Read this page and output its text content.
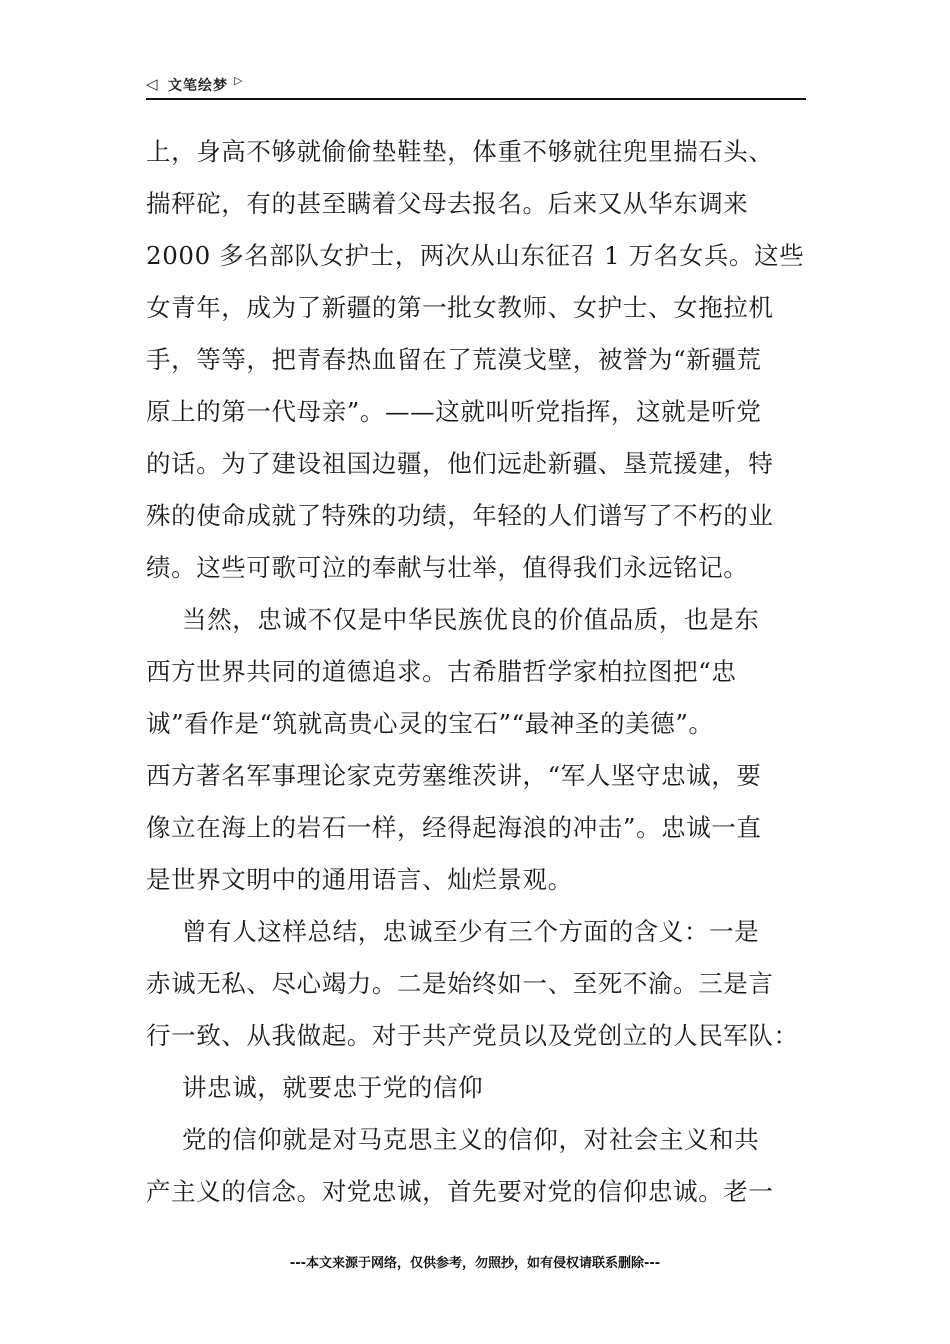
◁ 文笔绘梦 ▷
上，身高不够就偷偷垫鞋垫，体重不够就往兜里揣石头、
揣秤砣，有的甚至瞒着父母去报名。后来又从华东调来
2000 多名部队女护士，两次从山东征召 1 万名女兵。这些
女青年，成为了新疆的第一批女教师、女护士、女拖拉机
手，等等，把青春热血留在了荒漠戈壁，被誉为“新疆荒
原上的第一代母亲”。——这就叫听党指挥，这就是听党
的话。为了建设祖国边疆，他们远赴新疆、垦荒援建，特
殊的使命成就了特殊的功绩，年轻的人们谱写了不朽的业
绩。这些可歌可泣的奉献与壮举，值得我们永远铭记。
当然，忠诚不仅是中华民族优良的价值品质，也是东
西方世界共同的道德追求。古希腊哲学家柏拉图把“忠
诚”看作是“筑就高贵心灵的宝石”“最神圣的美德”。
西方著名军事理论家克劳塞维茨讲，“军人坚守忠诚，要
像立在海上的岩石一样，经得起海浪的冲击”。忠诚一直
是世界文明中的通用语言、灿烂景观。
曾有人这样总结，忠诚至少有三个方面的含义：一是
赤诚无私、尽心竭力。二是始终如一、至死不渝。三是言
行一致、从我做起。对于共产党员以及党创立的人民军队：
讲忠诚，就要忠于党的信仰
党的信仰就是对马克思主义的信仰，对社会主义和共
产主义的信念。对党忠诚，首先要对党的信仰忠诚。老一
---本文来源于网络，仅供参考，勿照抄，如有侵权请联系删除---
